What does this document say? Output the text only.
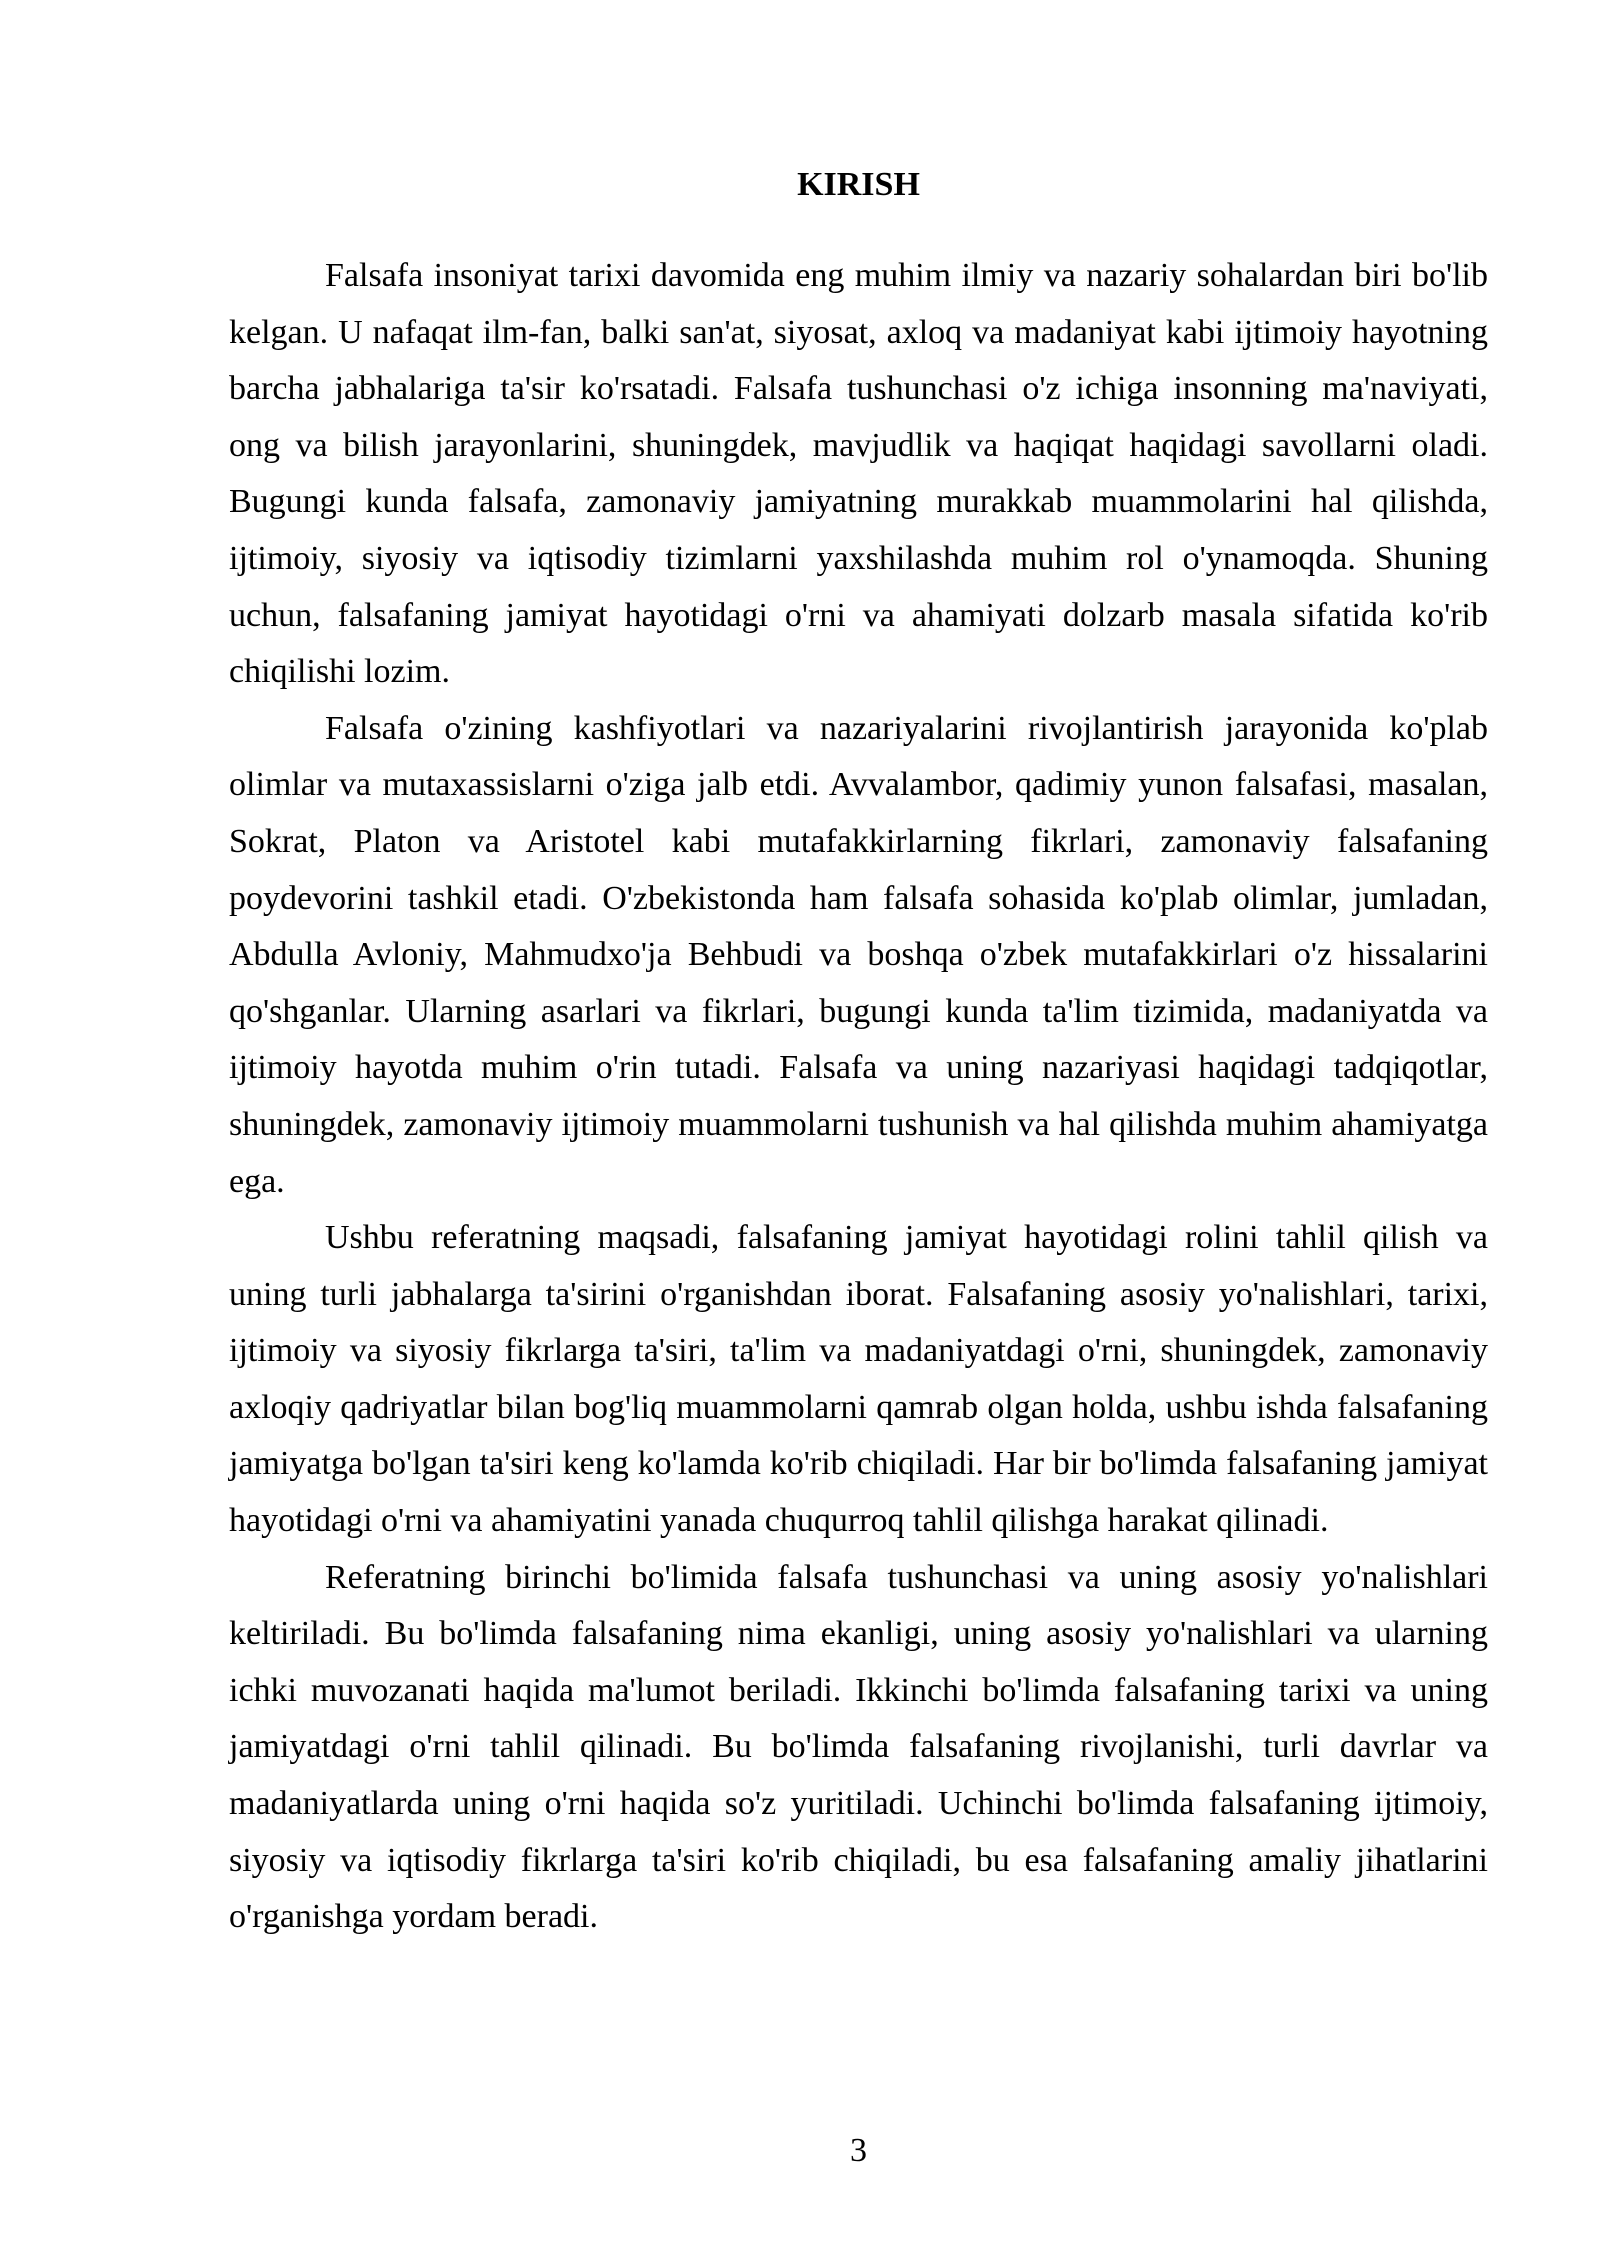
KIRISH

Falsafa insoniyat tarixi davomida eng muhim ilmiy va nazariy sohalardan biri bo'lib kelgan. U nafaqat ilm-fan, balki san'at, siyosat, axloq va madaniyat kabi ijtimoiy hayotning barcha jabhalariga ta'sir ko'rsatadi. Falsafa tushunchasi o'z ichiga insonning ma'naviyati, ong va bilish jarayonlarini, shuningdek, mavjudlik va haqiqat haqidagi savollarni oladi. Bugungi kunda falsafa, zamonaviy jamiyatning murakkab muammolarini hal qilishda, ijtimoiy, siyosiy va iqtisodiy tizimlarni yaxshilashda muhim rol o'ynamoqda. Shuning uchun, falsafaning jamiyat hayotidagi o'rni va ahamiyati dolzarb masala sifatida ko'rib chiqilishi lozim.

Falsafa o'zining kashfiyotlari va nazariyalarini rivojlantirish jarayonida ko'plab olimlar va mutaxassislarni o'ziga jalb etdi. Avvalambor, qadimiy yunon falsafasi, masalan, Sokrat, Platon va Aristotel kabi mutafakkirlarning fikrlari, zamonaviy falsafaning poydevorini tashkil etadi. O'zbekistonda ham falsafa sohasida ko'plab olimlar, jumladan, Abdulla Avloniy, Mahmudxo'ja Behbudi va boshqa o'zbek mutafakkirlari o'z hissalarini qo'shganlar. Ularning asarlari va fikrlari, bugungi kunda ta'lim tizimida, madaniyatda va ijtimoiy hayotda muhim o'rin tutadi. Falsafa va uning nazariyasi haqidagi tadqiqotlar, shuningdek, zamonaviy ijtimoiy muammolarni tushunish va hal qilishda muhim ahamiyatga ega.

Ushbu referatning maqsadi, falsafaning jamiyat hayotidagi rolini tahlil qilish va uning turli jabhalarga ta'sirini o'rganishdan iborat. Falsafaning asosiy yo'nalishlari, tarixi, ijtimoiy va siyosiy fikrlarga ta'siri, ta'lim va madaniyatdagi o'rni, shuningdek, zamonaviy axloqiy qadriyatlar bilan bog'liq muammolarni qamrab olgan holda, ushbu ishda falsafaning jamiyatga bo'lgan ta'siri keng ko'lamda ko'rib chiqiladi. Har bir bo'limda falsafaning jamiyat hayotidagi o'rni va ahamiyatini yanada chuqurroq tahlil qilishga harakat qilinadi.

Referatning birinchi bo'limida falsafa tushunchasi va uning asosiy yo'nalishlari keltiriladi. Bu bo'limda falsafaning nima ekanligi, uning asosiy yo'nalishlari va ularning ichki muvozanati haqida ma'lumot beriladi. Ikkinchi bo'limda falsafaning tarixi va uning jamiyatdagi o'rni tahlil qilinadi. Bu bo'limda falsafaning rivojlanishi, turli davrlar va madaniyatlarda uning o'rni haqida so'z yuritiladi. Uchinchi bo'limda falsafaning ijtimoiy, siyosiy va iqtisodiy fikrlarga ta'siri ko'rib chiqiladi, bu esa falsafaning amaliy jihatlarini o'rganishga yordam beradi.

3
